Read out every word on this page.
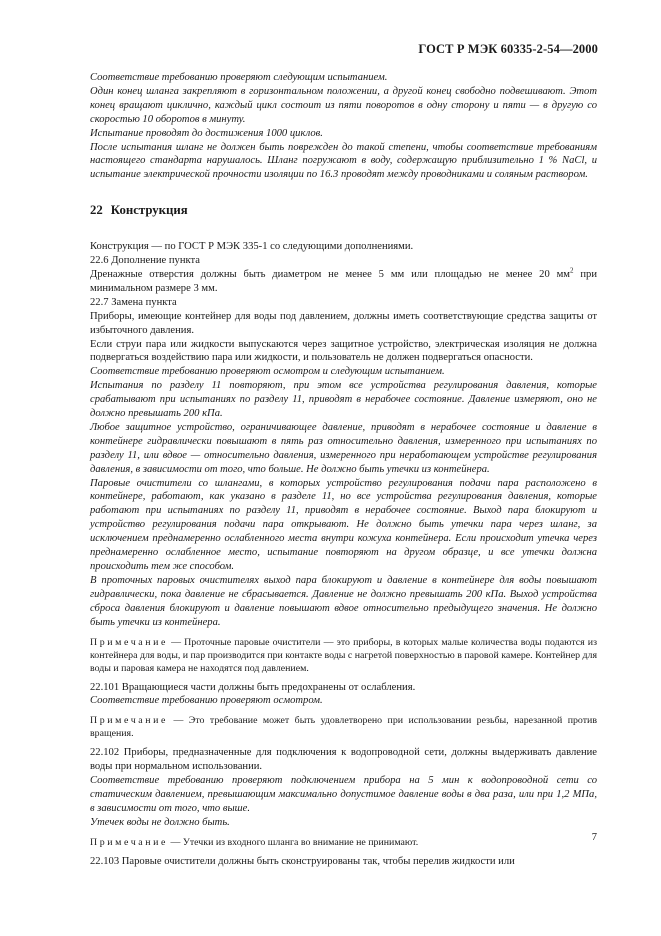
ГОСТ Р МЭК 60335-2-54—2000

Соответствие требованию проверяют следующим испытанием.

Один конец шланга закрепляют в горизонтальном положении, а другой конец свободно подвешивают. Этот конец вращают циклично, каждый цикл состоит из пяти поворотов в одну сторону и пяти — в другую со скоростью 10 оборотов в минуту.

Испытание проводят до достижения 1000 циклов.

После испытания шланг не должен быть поврежден до такой степени, чтобы соответствие требованиям настоящего стандарта нарушалось. Шланг погружают в воду, содержащую приблизительно 1 % NaCl, и испытание электрической прочности изоляции по 16.3 проводят между проводниками и соляным раствором.

22 Конструкция

Конструкция — по ГОСТ Р МЭК 335-1 со следующими дополнениями.

22.6 Дополнение пункта

Дренажные отверстия должны быть диаметром не менее 5 мм или площадью не менее 20 $мм^2$ при минимальном размере 3 мм.

22.7 Замена пункта

Приборы, имеющие контейнер для воды под давлением, должны иметь соответствующие средства защиты от избыточного давления.

Если струи пара или жидкости выпускаются через защитное устройство, электрическая изоляция не должна подвергаться воздействию пара или жидкости, и пользователь не должен подвергаться опасности.

Соответствие требованию проверяют осмотром и следующим испытанием.

Испытания по разделу 11 повторяют, при этом все устройства регулирования давления, которые срабатывают при испытаниях по разделу 11, приводят в нерабочее состояние. Давление измеряют, оно не должно превышать 200 кПа.

Любое защитное устройство, ограничивающее давление, приводят в нерабочее состояние и давление в контейнере гидравлически повышают в пять раз относительно давления, измеренного при испытаниях по разделу 11, или вдвое — относительно давления, измеренного при неработающем устройстве регулирования давления, в зависимости от того, что больше. Не должно быть утечки из контейнера.

Паровые очистители со шлангами, в которых устройство регулирования подачи пара расположено в контейнере, работают, как указано в разделе 11, но все устройства регулирования давления, которые работают при испытаниях по разделу 11, приводят в нерабочее состояние. Выход пара блокируют и устройство регулирования подачи пара открывают. Не должно быть утечки пара через шланг, за исключением преднамеренно ослабленного места внутри кожуха контейнера. Если происходит утечка через преднамеренно ослабленное место, испытание повторяют на другом образце, и все утечки должна происходить тем же способом.

В проточных паровых очистителях выход пара блокируют и давление в контейнере для воды повышают гидравлически, пока давление не сбрасывается. Давление не должно превышать 200 кПа. Выход устройства сброса давления блокируют и давление повышают вдвое относительно предыдущего значения. Не должно быть утечки из контейнера.

Примечание — Проточные паровые очистители — это приборы, в которых малые количества воды подаются из контейнера для воды, и пар производится при контакте воды с нагретой поверхностью в паровой камере. Контейнер для воды и паровая камера не находятся под давлением.

22.101 Вращающиеся части должны быть предохранены от ослабления.

Соответствие требованию проверяют осмотром.

Примечание — Это требование может быть удовлетворено при использовании резьбы, нарезанной против вращения.

22.102 Приборы, предназначенные для подключения к водопроводной сети, должны выдерживать давление воды при нормальном использовании.

Соответствие требованию проверяют подключением прибора на 5 мин к водопроводной сети со статическим давлением, превышающим максимально допустимое давление воды в два раза, или при 1,2 МПа, в зависимости от того, что выше.

Утечек воды не должно быть.

Примечание — Утечки из входного шланга во внимание не принимают.

22.103 Паровые очистители должны быть сконструированы так, чтобы перелив жидкости или

7
